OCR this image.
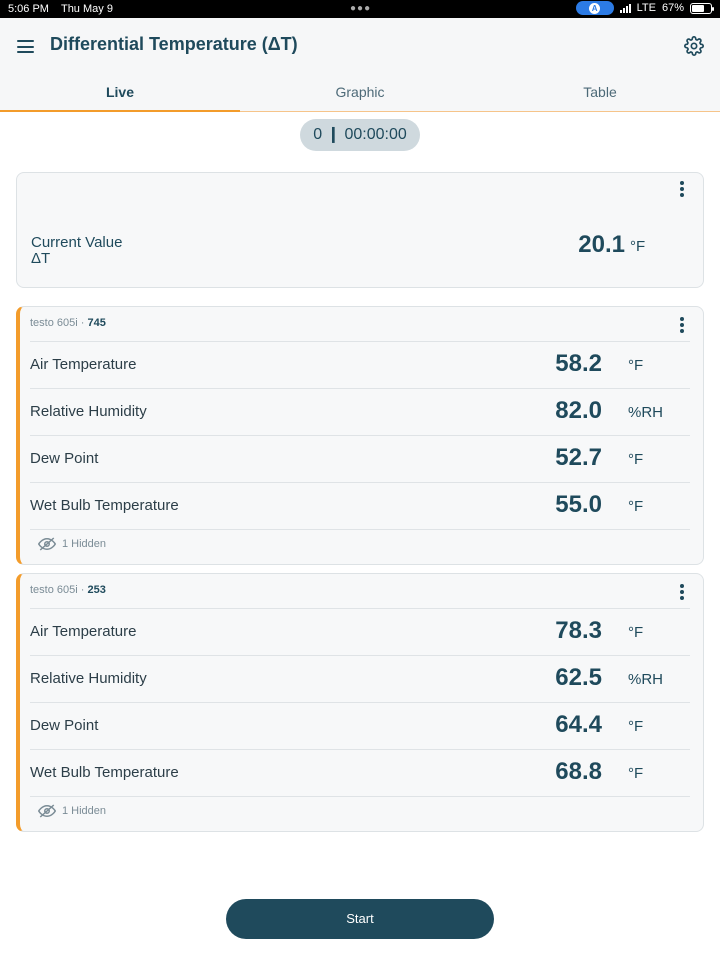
5:06 PM Thu May 9	●●●	A	LTE 67%
Differential Temperature (ΔT)
Live	Graphic	Table
0 ❙ 00:00:00
Current Value
ΔT
20.1 °F
testo 605i · 745
Air Temperature	58.2 °F
Relative Humidity	82.0 %RH
Dew Point	52.7 °F
Wet Bulb Temperature	55.0 °F
1 Hidden
testo 605i · 253
Air Temperature	78.3 °F
Relative Humidity	62.5 %RH
Dew Point	64.4 °F
Wet Bulb Temperature	68.8 °F
1 Hidden
Start
